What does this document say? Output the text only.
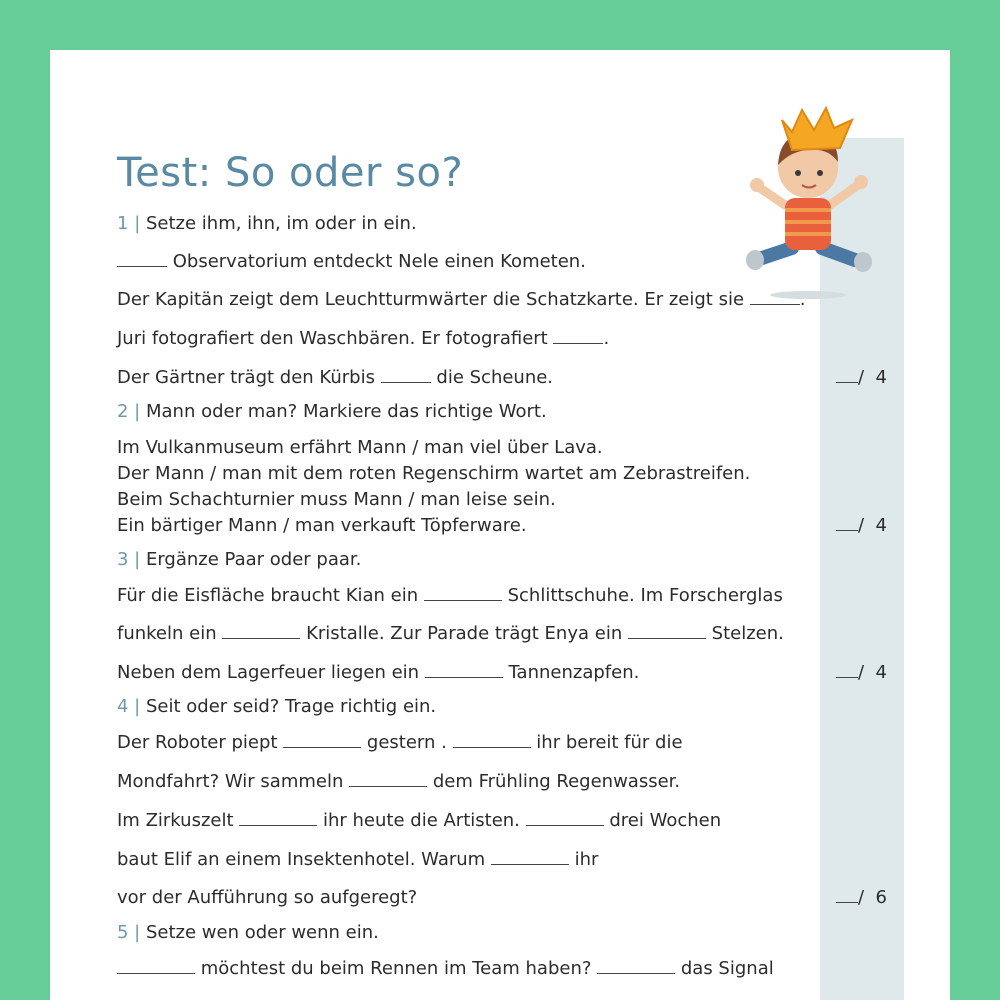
Test: So oder so?
1 | Setze ihm, ihn, im oder in ein.
Observatorium entdeckt Nele einen Kometen.
Der Kapitän zeigt dem Leuchtturmwärter die Schatzkarte. Er zeigt sie	.
Juri fotografiert den Waschbären. Er fotografiert	.
Der Gärtner trägt den Kürbis	die Scheune.	/ 4
2 | Mann oder man? Markiere das richtige Wort.
Im Vulkanmuseum erfährt Mann / man viel über Lava.
Der Mann / man mit dem roten Regenschirm wartet am Zebrastreifen.
Beim Schachturnier muss Mann / man leise sein.
Ein bärtiger Mann / man verkauft Töpferware.	/ 4
3 | Ergänze Paar oder paar.
Für die Eisfläche braucht Kian ein	Schlittschuhe. Im Forscherglas
funkeln ein	Kristalle. Zur Parade trägt Enya ein	Stelzen.
Neben dem Lagerfeuer liegen ein	Tannenzapfen.	/ 4
4 | Seit oder seid? Trage richtig ein.
Der Roboter piept	gestern .	ihr bereit für die
Mondfahrt? Wir sammeln	dem Frühling Regenwasser.
Im Zirkuszelt	ihr heute die Artisten.	drei Wochen
baut Elif an einem Insektenhotel. Warum	ihr
vor der Aufführung so aufgeregt?	/ 6
5 | Setze wen oder wenn ein.
möchtest du beim Rennen im Team haben?	das Signal
